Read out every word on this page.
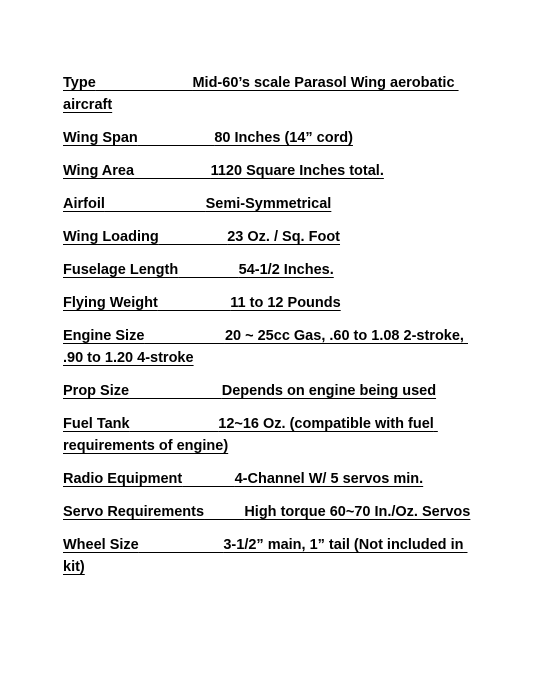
Type	Mid-60’s scale Parasol Wing aerobatic aircraft
Wing Span	80 Inches (14” cord)
Wing Area	1120 Square Inches total.
Airfoil	Semi-Symmetrical
Wing Loading	23 Oz. / Sq. Foot
Fuselage Length	54-1/2 Inches.
Flying Weight	11 to 12 Pounds
Engine Size	20 ~ 25cc Gas, .60 to 1.08 2-stroke, .90 to 1.20 4-stroke
Prop Size	Depends on engine being used
Fuel Tank	12~16 Oz. (compatible with fuel requirements of engine)
Radio Equipment	4-Channel W/ 5 servos min.
Servo Requirements	High torque 60~70 In./Oz. Servos
Wheel Size	3-1/2” main, 1” tail (Not included in kit)
